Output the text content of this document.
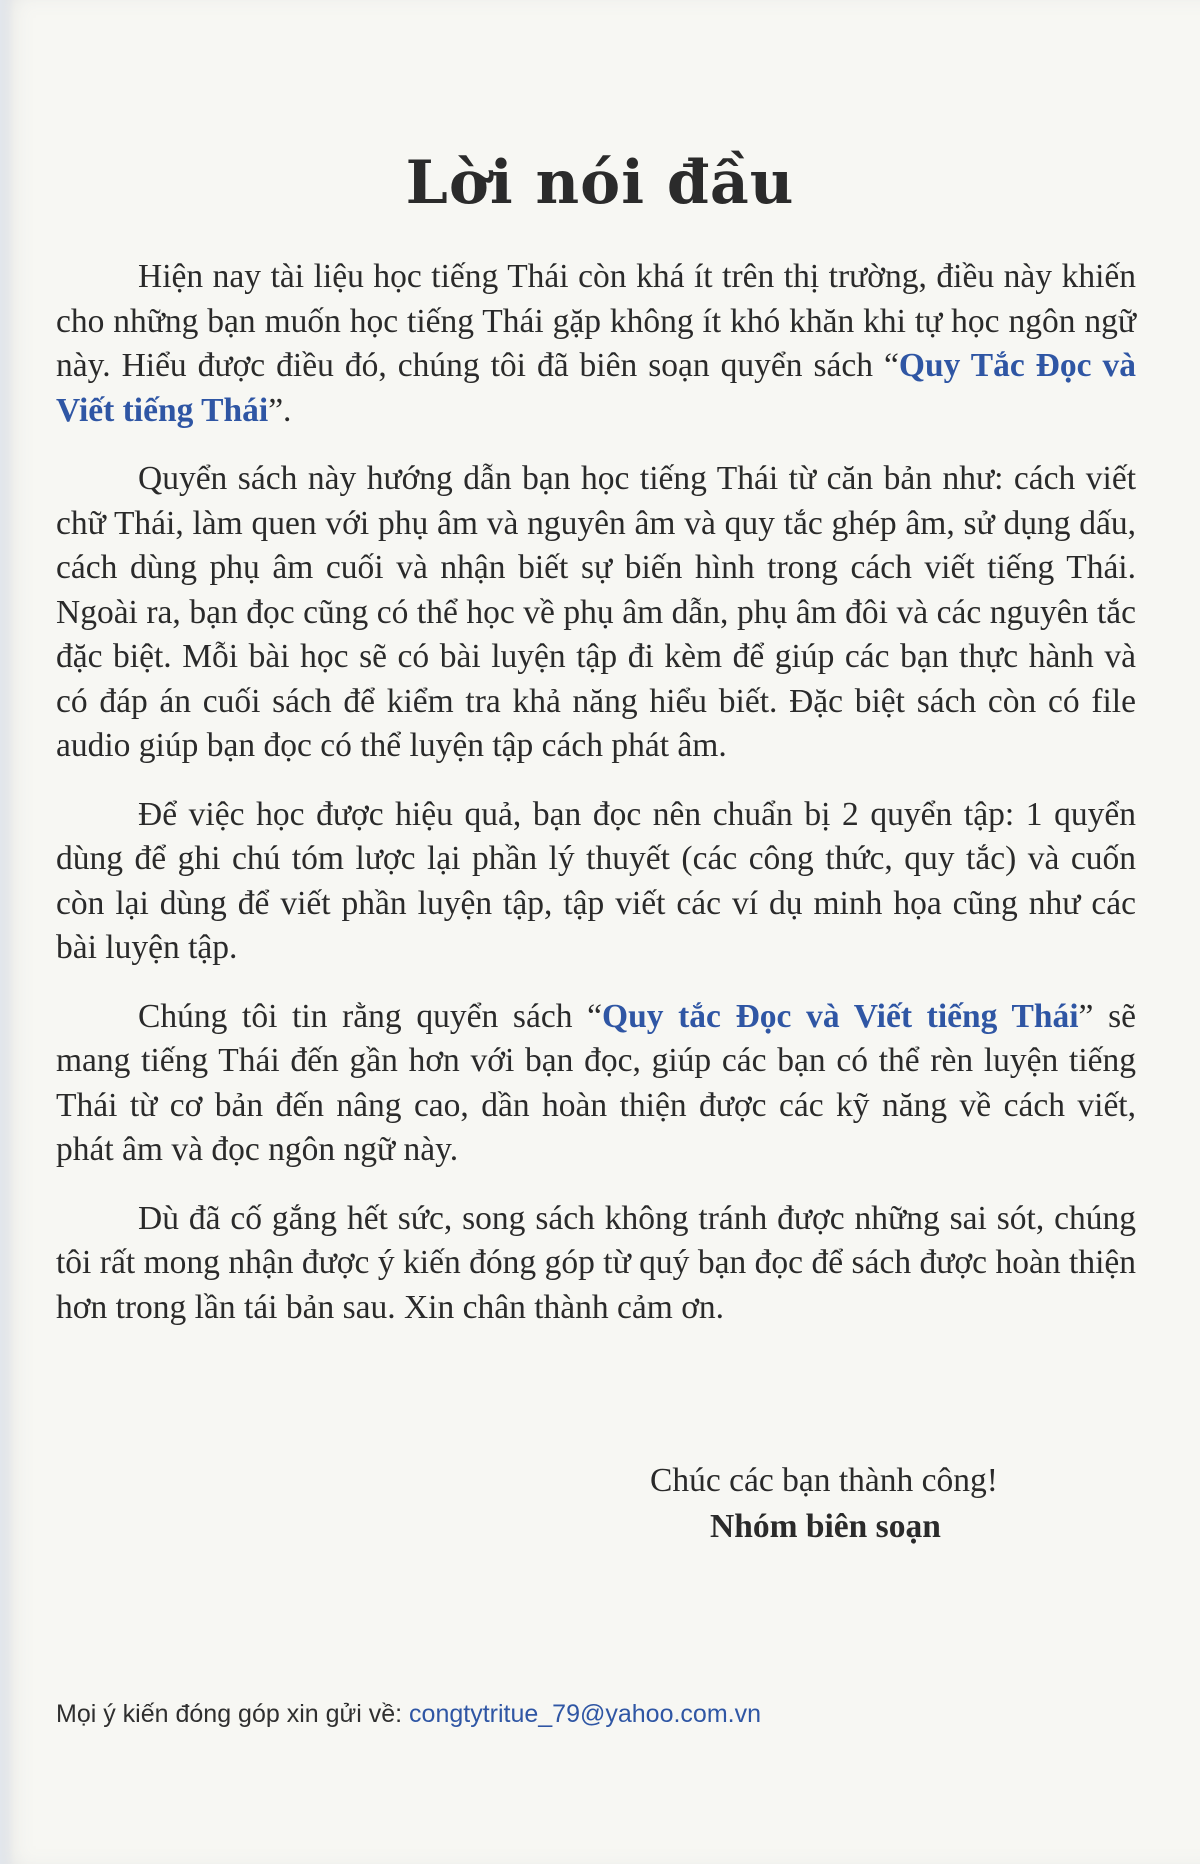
Lời nói đầu

Hiện nay tài liệu học tiếng Thái còn khá ít trên thị trường, điều này khiến cho những bạn muốn học tiếng Thái gặp không ít khó khăn khi tự học ngôn ngữ này. Hiểu được điều đó, chúng tôi đã biên soạn quyển sách “Quy Tắc Đọc và Viết tiếng Thái”.

Quyển sách này hướng dẫn bạn học tiếng Thái từ căn bản như: cách viết chữ Thái, làm quen với phụ âm và nguyên âm và quy tắc ghép âm, sử dụng dấu, cách dùng phụ âm cuối và nhận biết sự biến hình trong cách viết tiếng Thái. Ngoài ra, bạn đọc cũng có thể học về phụ âm dẫn, phụ âm đôi và các nguyên tắc đặc biệt. Mỗi bài học sẽ có bài luyện tập đi kèm để giúp các bạn thực hành và có đáp án cuối sách để kiểm tra khả năng hiểu biết. Đặc biệt sách còn có file audio giúp bạn đọc có thể luyện tập cách phát âm.

Để việc học được hiệu quả, bạn đọc nên chuẩn bị 2 quyển tập: 1 quyển dùng để ghi chú tóm lược lại phần lý thuyết (các công thức, quy tắc) và cuốn còn lại dùng để viết phần luyện tập, tập viết các ví dụ minh họa cũng như các bài luyện tập.

Chúng tôi tin rằng quyển sách “Quy tắc Đọc và Viết tiếng Thái” sẽ mang tiếng Thái đến gần hơn với bạn đọc, giúp các bạn có thể rèn luyện tiếng Thái từ cơ bản đến nâng cao, dần hoàn thiện được các kỹ năng về cách viết, phát âm và đọc ngôn ngữ này.

Dù đã cố gắng hết sức, song sách không tránh được những sai sót, chúng tôi rất mong nhận được ý kiến đóng góp từ quý bạn đọc để sách được hoàn thiện hơn trong lần tái bản sau. Xin chân thành cảm ơn.

Chúc các bạn thành công!
Nhóm biên soạn
Mọi ý kiến đóng góp xin gửi về: congtytritue_79@yahoo.com.vn
